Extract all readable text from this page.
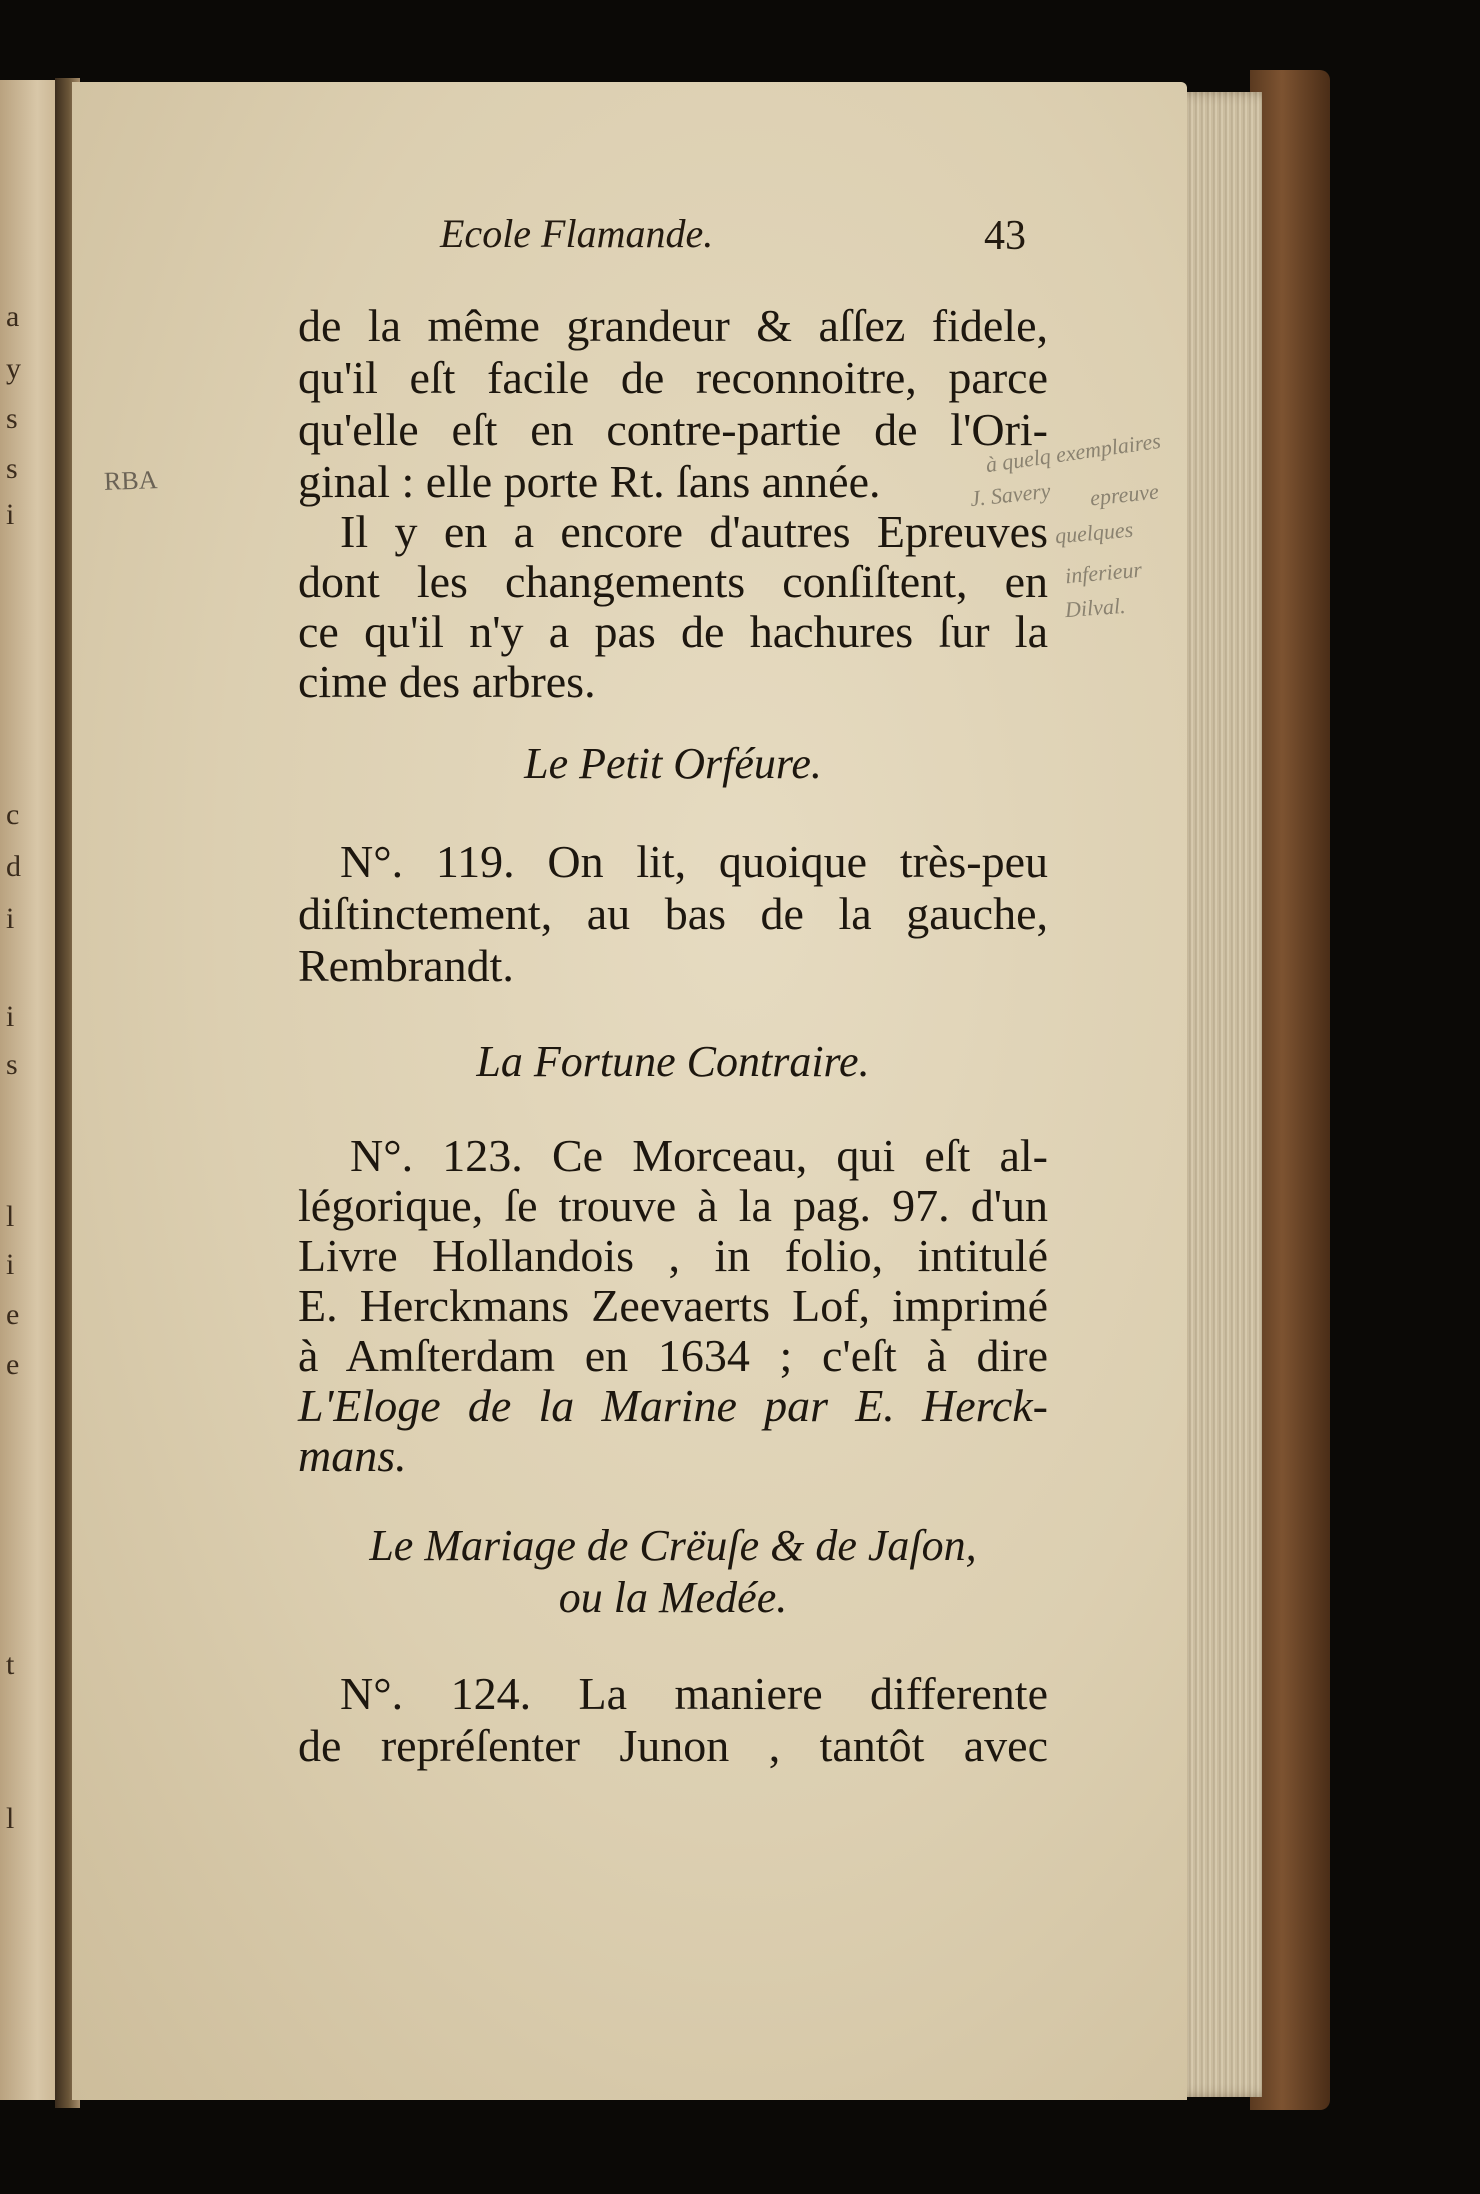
a
y
s
s
i
c
d
i
i
s
l
i
e
e
t
l
RBA
à quelq exemplaires
J. Savery epreuve
quelques
inferieur
Dilval.
Ecole Flamande.	43
de la même grandeur & aſſez fidele,
qu'il eſt facile de reconnoitre, parce
qu'elle eſt en contre-partie de l'Ori-
ginal : elle porte Rt. ſans année.
Il y en a encore d'autres Epreuves
dont les changements conſiſtent, en
ce qu'il n'y a pas de hachures ſur la
cime des arbres.
Le Petit Orféure.
N°. 119. On lit, quoique très-peu
diſtinctement, au bas de la gauche,
Rembrandt.
La Fortune Contraire.
N°. 123. Ce Morceau, qui eſt al-
légorique, ſe trouve à la pag. 97. d'un
Livre Hollandois , in folio, intitulé
E. Herckmans Zeevaerts Lof, imprimé
à Amſterdam en 1634 ; c'eſt à dire
L'Eloge de la Marine par E. Herck-
mans.
Le Mariage de Crëuſe & de Jaſon,
ou la Medée.
N°. 124. La maniere differente
de repréſenter Junon , tantôt avec
